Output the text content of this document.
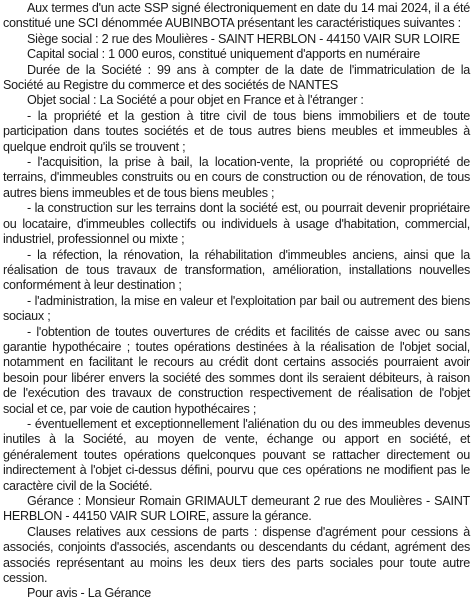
Aux termes d'un acte SSP signé électroniquement en date du 14 mai 2024, il a été constitué une SCI dénommée AUBINBOTA présentant les caractéristiques suivantes :

Siège social : 2 rue des Moulières - SAINT HERBLON - 44150 VAIR SUR LOIRE

Capital social : 1 000 euros, constitué uniquement d'apports en numéraire

Durée de la Société : 99 ans à compter de la date de l'immatriculation de la Société au Registre du commerce et des sociétés de NANTES

Objet social : La Société a pour objet en France et à l'étranger :

- la propriété et la gestion à titre civil de tous biens immobiliers et de toute participation dans toutes sociétés et de tous autres biens meubles et immeubles à quelque endroit qu'ils se trouvent ;

- l'acquisition, la prise à bail, la location-vente, la propriété ou copropriété de terrains, d'immeubles construits ou en cours de construction ou de rénovation, de tous autres biens immeubles et de tous biens meubles ;

- la construction sur les terrains dont la société est, ou pourrait devenir propriétaire ou locataire, d'immeubles collectifs ou individuels à usage d'habitation, commercial, industriel, professionnel ou mixte ;

- la réfection, la rénovation, la réhabilitation d'immeubles anciens, ainsi que la réalisation de tous travaux de transformation, amélioration, installations nouvelles conformément à leur destination ;

- l'administration, la mise en valeur et l'exploitation par bail ou autrement des biens sociaux ;

- l'obtention de toutes ouvertures de crédits et facilités de caisse avec ou sans garantie hypothécaire ; toutes opérations destinées à la réalisation de l'objet social, notamment en facilitant le recours au crédit dont certains associés pourraient avoir besoin pour libérer envers la société des sommes dont ils seraient débiteurs, à raison de l'exécution des travaux de construction respectivement de réalisation de l'objet social et ce, par voie de caution hypothécaires ;

- éventuellement et exceptionnellement l'aliénation du ou des immeubles devenus inutiles à la Société, au moyen de vente, échange ou apport en société, et généralement toutes opérations quelconques pouvant se rattacher directement ou indirectement à l'objet ci-dessus défini, pourvu que ces opérations ne modifient pas le caractère civil de la Société.

Gérance : Monsieur Romain GRIMAULT demeurant 2 rue des Moulières - SAINT HERBLON - 44150 VAIR SUR LOIRE, assure la gérance.

Clauses relatives aux cessions de parts : dispense d'agrément pour cessions à associés, conjoints d'associés, ascendants ou descendants du cédant, agrément des associés représentant au moins les deux tiers des parts sociales pour toute autre cession.

Pour avis - La Gérance
